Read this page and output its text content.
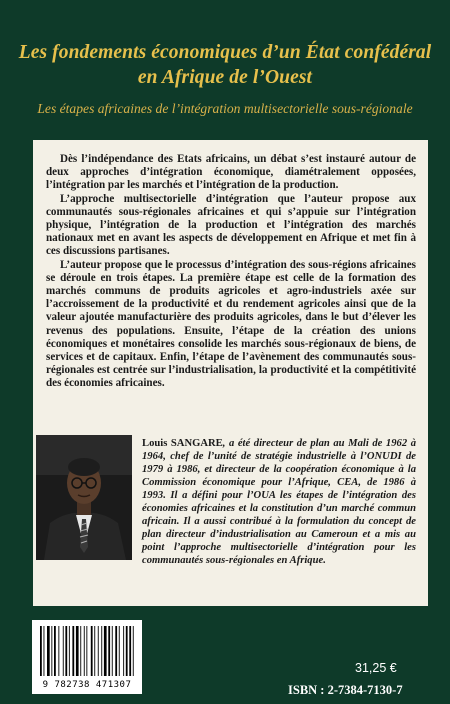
Les fondements économiques d’un État confédéral
en Afrique de l’Ouest
Les étapes africaines de l’intégration multisectorielle sous-régionale

Dès l’indépendance des Etats africains, un débat s’est instauré autour de deux approches d’intégration économique, diamétralement opposées, l’intégration par les marchés et l’intégration de la production.

L’approche multisectorielle d’intégration que l’auteur propose aux communautés sous-régionales africaines et qui s’appuie sur l’intégration physique, l’intégration de la production et l’intégration des marchés nationaux met en avant les aspects de développement en Afrique et met fin à ces discussions partisanes.

L’auteur propose que le processus d’intégration des sous-régions africaines se déroule en trois étapes. La première étape est celle de la formation des marchés communs de produits agricoles et agro-industriels axée sur l’accroissement de la productivité et du rendement agricoles ainsi que de la valeur ajoutée manufacturière des produits agricoles, dans le but d’élever les revenus des populations. Ensuite, l’étape de la création des unions économiques et monétaires consolide les marchés sous-régionaux de biens, de services et de capitaux. Enfin, l’étape de l’avènement des communautés sous-régionales est centrée sur l’industrialisation, la productivité et la compétitivité des économies africaines.

Louis SANGARE, a été directeur de plan au Mali de 1962 à 1964, chef de l’unité de stratégie industrielle à l’ONUDI de 1979 à 1986, et directeur de la coopération économique à la Commission économique pour l’Afrique, CEA, de 1986 à 1993. Il a défini pour l’OUA les étapes de l’intégration des économies africaines et la constitution d’un marché commun africain. Il a aussi contribué à la formulation du concept de plan directeur d’industrialisation au Cameroun et a mis au point l’approche multisectorielle d’intégration pour les communautés sous-régionales en Afrique.
9 782738 471307
31,25 €
ISBN : 2-7384-7130-7
